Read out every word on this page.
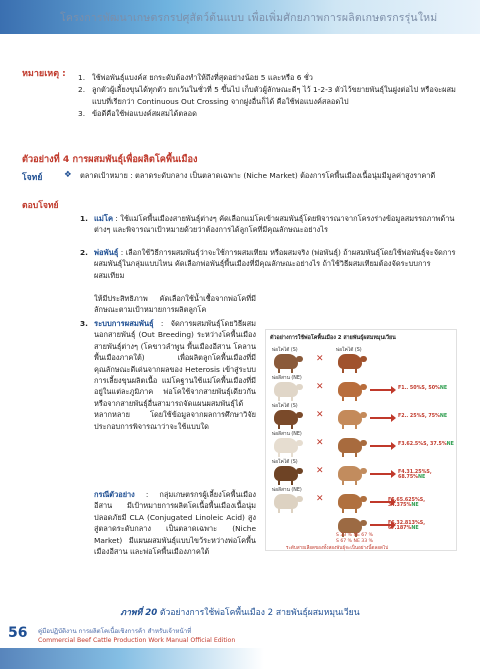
โครงการพัฒนาเกษตรกรปศุสัตว์ต้นแบบ เพื่อเพิ่มศักยภาพการผลิตเกษตรกรรุ่นใหม่
หมายเหตุ : 1. ใช้พ่อพันธุ์แบงค์ส ยกระดับต้องทำให้ถึงที่สุดอย่างน้อย 5 และหรือ 6 ชั่ว
2. ลูกตัวผู้เลี้ยงขุนได้ทุกตัว ยกเว้นในชั่วที่ 5 ขึ้นไป เก็บตัวผู้ลักษณะดีๆ ไว้ 1-2-3 ตัวไว้ขยายพันธุ์ในฝูงต่อไป หรือจะผสมแบบที่เรียกว่า Continuous Out Crossing จากฝูงอื่นก็ได้ คือใช้พ่อแบงค์สลอดไป
3. ข้อดีคือใช้พ่อแบงค์สผสมได้ตลอด
ตัวอย่างที่ 4 การผสมพันธุ์เพื่อผลิตโคพื้นเมือง
โจทย์	❖ ตลาดเป้าหมาย : ตลาดระดับกลาง เป็นตลาดเฉพาะ (Niche Market) ต้องการโคพื้นเมืองเนื้อนุ่มมีมูลค่าสูงราคาดี
ตอบโจทย์
1. แม่โค : ใช้แม่โคพื้นเมืองสายพันธุ์ต่างๆ คัดเลือกแม่โคเข้าผสมพันธุ์โดยพิจารณาจากโครงร่างข้อมูลสมรรถภาพด้านต่างๆ และพิจารณาเป้าหมายด้วยว่าต้องการได้ลูกโคที่มีคุณลักษณะอย่างไร
2. พ่อพันธุ์ : เลือกใช้วิธีการผสมพันธุ์ว่าจะใช้การผสมเทียม หรือผสมจริง (พ่อพันธุ์) ถ้าผสมพันธุ์โดยใช้พ่อพันธุ์จะจัดการผสมพันธุ์ในกลุ่มแบบไหน คัดเลือกพ่อพันธุ์พื้นเมืองที่มีคุณลักษณะอย่างไร ถ้าใช้วิธีผสมเทียมต้องจัดระบบการผสมเทียม
ให้มีประสิทธิภาพ คัดเลือกใช้น้ำเชื้อจากพ่อโคที่มีลักษณะตามเป้าหมายการผลิตลูกโค
3. ระบบการผสมพันธุ์ : จัดการผสมพันธุ์โดยวิธีผสมนอกสายพันธุ์ (Out Breeding) ระหว่างโคพื้นเมืองสายพันธุ์ต่างๆ (โคขาวลำพูน พื้นเมืองอีสาน โคลาน พื้นเมืองภาคใต้) เพื่อผลิตลูกโคพื้นเมืองที่มีคุณลักษณะดีเด่นจากผลของ Heterosis เข้าสู่ระบบการเลี้ยงขุนผลิตเนื้อ แม่โคฐานใช้แม่โคพื้นเมืองที่มีอยู่ในแต่ละภูมิภาค พ่อโคใช้จากสายพันธุ์เดียวกันหรือจากสายพันธุ์อื่นสามารถจัดแผนผสมพันธุ์ได้หลากหลาย โดยใช้ข้อมูลจากผลการศึกษาวิจัยประกอบการพิจารณาว่าจะใช้แบบใด
กรณีตัวอย่าง : กลุ่มเกษตรกรผู้เลี้ยงโคพื้นเมืองอีสาน มีเป้าหมายการผลิตโคเนื้อพื้นเมืองเนื้อนุ่มปลอดภัยมี CLA (Conjugated Linoleic Acid) สูงสู่ตลาดระดับกลาง เป็นตลาดเฉพาะ (Niche Market) มีแผนผสมพันธุ์แบบไขว้ระหว่างพ่อโคพื้นเมืองอีสาน และพ่อโคพื้นเมืองภาคใต้
ตัวอย่างการใช้พ่อโคพื้นเมือง 2 สายพันธุ์ผสมหมุนเวียน
พ่อโคไต้ (S)
✕
พ่อโคไต้ (S)
พ่อลีสาน (NE)
✕	F1.. 50%S, 50%NE
พ่อโคไต้ (S)
✕	F2.. 25%S, 75%NE
พ่อลีสาน (NE)
✕	F3.62.5%S, 37.5%NE
พ่อโคไต้ (S)
✕	F4.31.25%S, 68.75%NE
พ่อลีสาน (NE)
✕	F5.65.625%S, 34.375%NE
F6.32.813%S, 67.187%NE
S 33 % NE 67 %
S 67 % NE 33 %
ระดับสายเลือดของทั้งสองพันธุ์จะเป็นอย่างนี้ตลอดไป
ภาพที่ 20 ตัวอย่างการใช้พ่อโคพื้นเมือง 2 สายพันธุ์ผสมหมุนเวียน
56 คู่มือปฏิบัติงาน การผลิตโคเนื้อเชิงการค้า สำหรับเจ้าหน้าที่
Commercial Beef Cattle Production Work Manual Official Edition
